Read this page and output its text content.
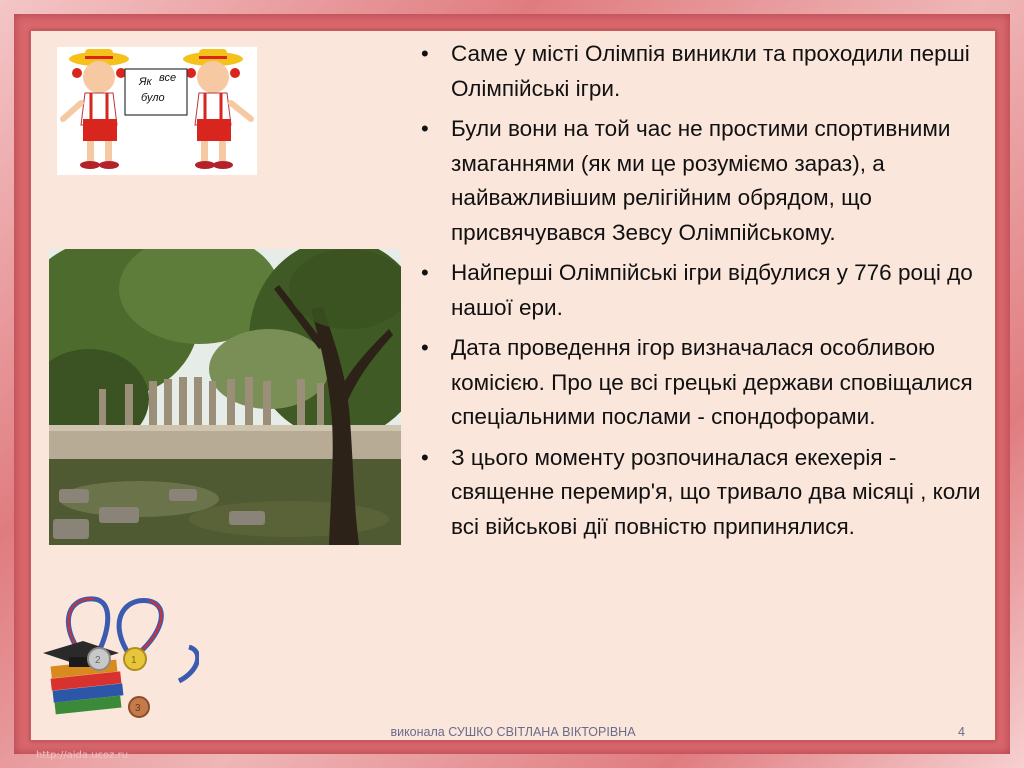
Як все
було
2	1
3
• Саме у місті Олімпія виникли та проходили перші Олімпійські ігри.
• Були вони на той час не простими спортивними змаганнями (як ми це розуміємо зараз), а найважливішим релігійним обрядом, що присвячувався Зевсу Олімпійському.
• Найперші Олімпійські ігри відбулися у 776 році до нашої ери.
• Дата проведення ігор визначалася особливою комісією. Про це всі грецькі держави сповіщалися спеціальними послами - спондофорами.
• З цього моменту розпочиналася екехерія - священне перемир'я, що тривало два місяці , коли всі військові дії повністю припинялися.
виконала СУШКО СВІТЛАНА ВІКТОРІВНА	4
http://aida.ucoz.ru
